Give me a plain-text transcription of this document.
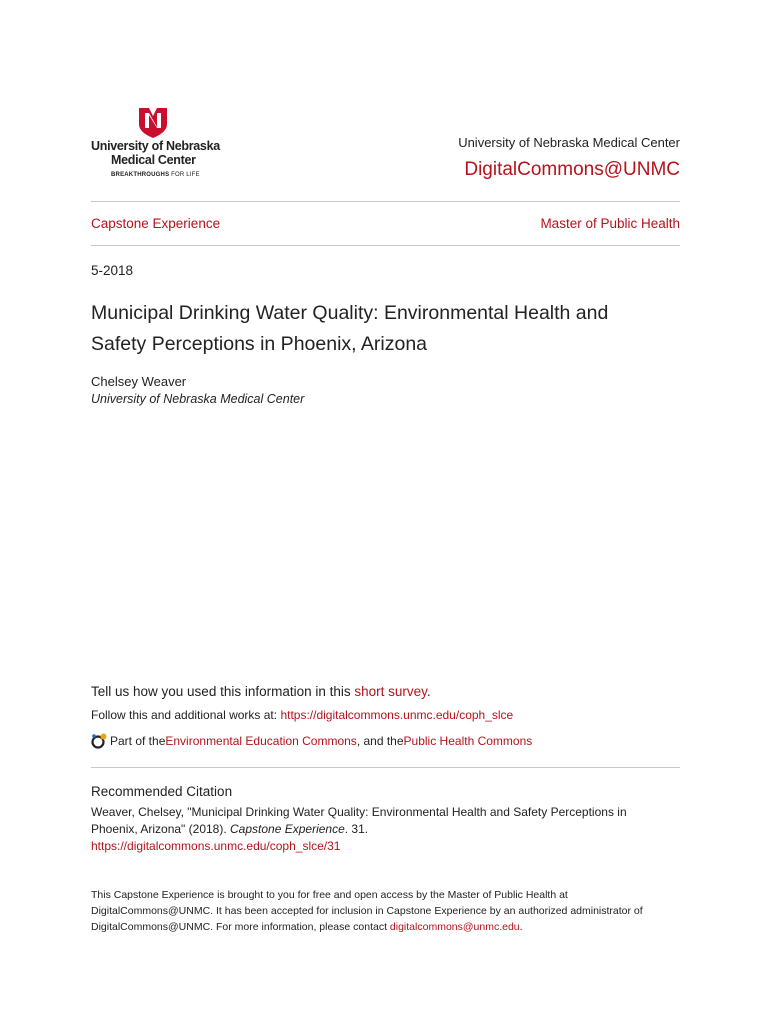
University of Nebraska
Medical Center
BREAKTHROUGHS FOR LIFE
University of Nebraska Medical Center
DigitalCommons@UNMC
Capstone Experience	Master of Public Health
5-2018
Municipal Drinking Water Quality: Environmental Health and Safety Perceptions in Phoenix, Arizona
Chelsey Weaver
University of Nebraska Medical Center
Tell us how you used this information in this short survey.
Follow this and additional works at: https://digitalcommons.unmc.edu/coph_slce
Part of the Environmental Education Commons , and the Public Health Commons
Recommended Citation
Weaver, Chelsey, "Municipal Drinking Water Quality: Environmental Health and Safety Perceptions in Phoenix, Arizona" (2018). Capstone Experience. 31.
https://digitalcommons.unmc.edu/coph_slce/31
This Capstone Experience is brought to you for free and open access by the Master of Public Health at DigitalCommons@UNMC. It has been accepted for inclusion in Capstone Experience by an authorized administrator of DigitalCommons@UNMC. For more information, please contact digitalcommons@unmc.edu.
